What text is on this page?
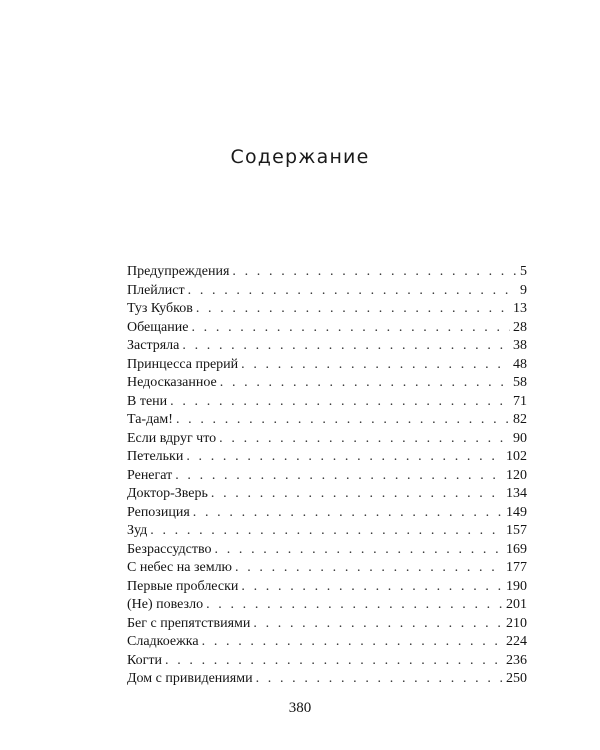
Содержание
Предупреждения . . .	5
Плейлист . . .	9
Туз Кубков . . .	13
Обещание . . .	28
Застряла . . .	38
Принцесса прерий . . .	48
Недосказанное . . .	58
В тени . . .	71
Та-дам! . . .	82
Если вдруг что . . .	90
Петельки . . .	102
Ренегат . . .	120
Доктор-Зверь . . .	134
Репозиция . . .	149
Зуд . . .	157
Безрассудство . . .	169
С небес на землю . . .	177
Первые проблески . . .	190
(Не) повезло . . .	201
Бег с препятствиями . . .	210
Сладкоежка . . .	224
Когти . . .	236
Дом с привидениями . . .	250
380
